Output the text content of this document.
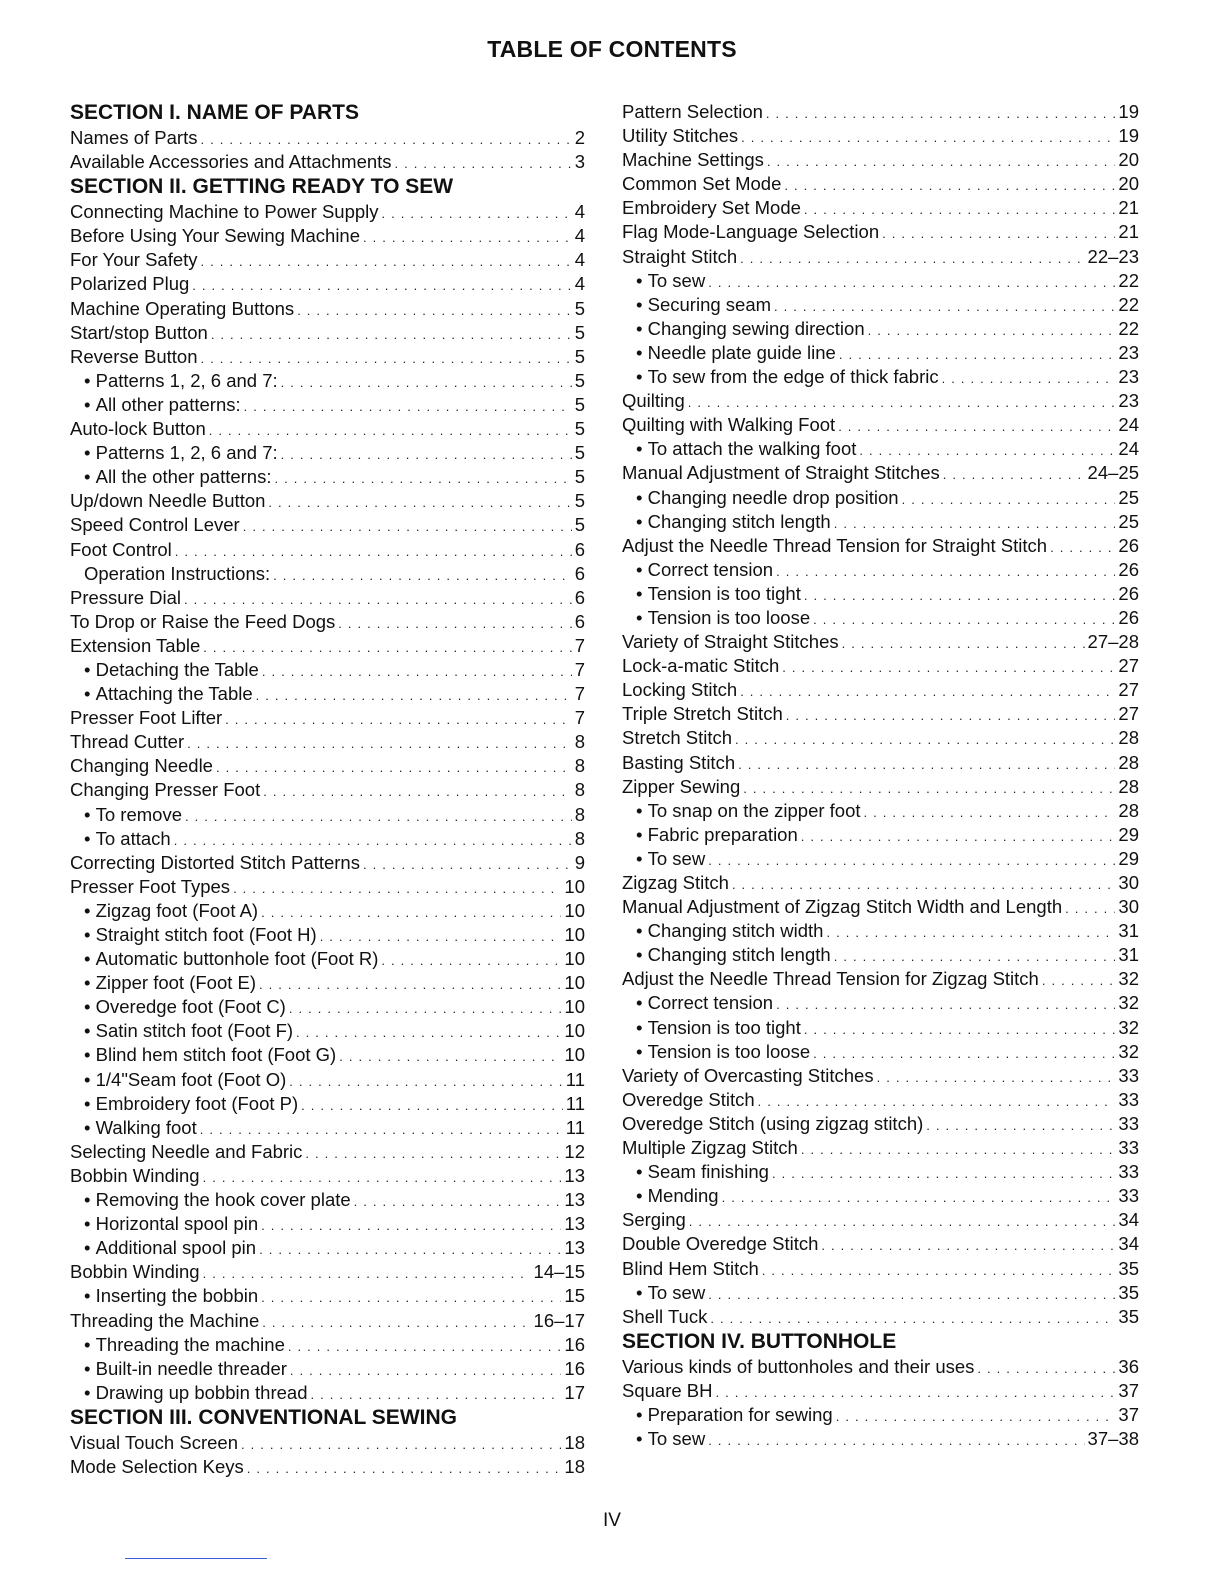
TABLE OF CONTENTS
SECTION I. NAME OF PARTS
Names of Parts . . .	2
Available Accessories and Attachments . . .	3
SECTION II. GETTING READY TO SEW
Connecting Machine to Power Supply . . .	4
Before Using Your Sewing Machine . . .	4
For Your Safety . . .	4
Polarized Plug . . .	4
Machine Operating Buttons . . .	5
Start/stop Button . . .	5
Reverse Button . . .	5
• Patterns 1, 2, 6 and 7: . . .	5
• All other patterns: . . .	5
Auto-lock Button . . .	5
• Patterns 1, 2, 6 and 7: . . .	5
• All the other patterns: . . .	5
Up/down Needle Button . . .	5
Speed Control Lever . . .	5
Foot Control . . .	6
Operation Instructions: . . .	6
Pressure Dial . . .	6
To Drop or Raise the Feed Dogs . . .	6
Extension Table . . .	7
• Detaching the Table . . .	7
• Attaching the Table . . .	7
Presser Foot Lifter . . .	7
Thread Cutter . . .	8
Changing Needle . . .	8
Changing Presser Foot . . .	8
• To remove . . .	8
• To attach . . .	8
Correcting Distorted Stitch Patterns . . .	9
Presser Foot Types . . .	10
• Zigzag foot (Foot A) . . .	10
• Straight stitch foot (Foot H) . . .	10
• Automatic buttonhole foot (Foot R) . . .	10
• Zipper foot (Foot E) . . .	10
• Overedge foot (Foot C) . . .	10
• Satin stitch foot (Foot F) . . .	10
• Blind hem stitch foot (Foot G) . . .	10
• 1/4"Seam foot (Foot O) . . .	11
• Embroidery foot (Foot P) . . .	11
• Walking foot . . .	11
Selecting Needle and Fabric . . .	12
Bobbin Winding . . .	13
• Removing the hook cover plate . . .	13
• Horizontal spool pin . . .	13
• Additional spool pin . . .	13
Bobbin Winding . . .	14–15
• Inserting the bobbin . . .	15
Threading the Machine . . .	16–17
• Threading the machine . . .	16
• Built-in needle threader . . .	16
• Drawing up bobbin thread . . .	17
SECTION III. CONVENTIONAL SEWING
Visual Touch Screen . . .	18
Mode Selection Keys . . .	18
Pattern Selection . . .	19
Utility Stitches . . .	19
Machine Settings . . .	20
Common Set Mode . . .	20
Embroidery Set Mode . . .	21
Flag Mode-Language Selection . . .	21
Straight Stitch . . .	22–23
• To sew . . .	22
• Securing seam . . .	22
• Changing sewing direction . . .	22
• Needle plate guide line . . .	23
• To sew from the edge of thick fabric . . .	23
Quilting . . .	23
Quilting with Walking Foot . . .	24
• To attach the walking foot . . .	24
Manual Adjustment of Straight Stitches . . .	24–25
• Changing needle drop position . . .	25
• Changing stitch length . . .	25
Adjust the Needle Thread Tension for Straight Stitch . . .	26
• Correct tension . . .	26
• Tension is too tight . . .	26
• Tension is too loose . . .	26
Variety of Straight Stitches . . .	27–28
Lock-a-matic Stitch . . .	27
Locking Stitch . . .	27
Triple Stretch Stitch . . .	27
Stretch Stitch . . .	28
Basting Stitch . . .	28
Zipper Sewing . . .	28
• To snap on the zipper foot . . .	28
• Fabric preparation . . .	29
• To sew . . .	29
Zigzag Stitch . . .	30
Manual Adjustment of Zigzag Stitch Width and Length . . .	30
• Changing stitch width . . .	31
• Changing stitch length . . .	31
Adjust the Needle Thread Tension for Zigzag Stitch . . .	32
• Correct tension . . .	32
• Tension is too tight . . .	32
• Tension is too loose . . .	32
Variety of Overcasting Stitches . . .	33
Overedge Stitch . . .	33
Overedge Stitch (using zigzag stitch) . . .	33
Multiple Zigzag Stitch . . .	33
• Seam finishing . . .	33
• Mending . . .	33
Serging . . .	34
Double Overedge Stitch . . .	34
Blind Hem Stitch . . .	35
• To sew . . .	35
Shell Tuck . . .	35
SECTION IV. BUTTONHOLE
Various kinds of buttonholes and their uses . . .	36
Square BH . . .	37
• Preparation for sewing . . .	37
• To sew . . .	37–38
IV
